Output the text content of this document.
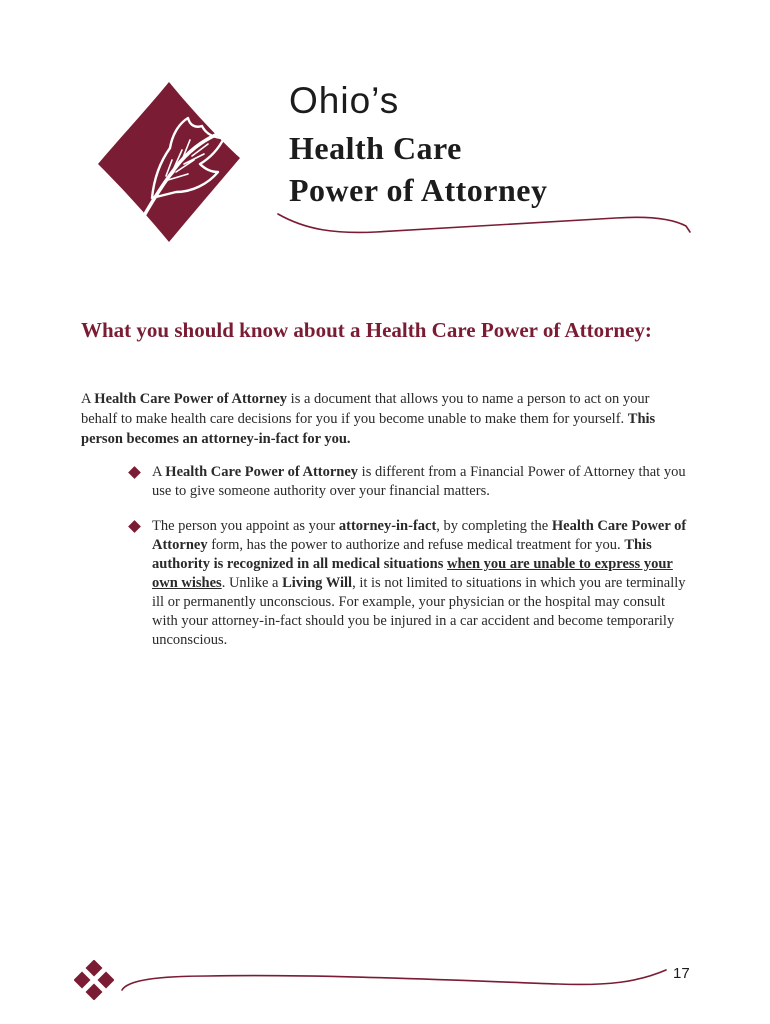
Ohio’s

Health Care

Power of Attorney

What you should know about a Health Care Power of Attorney:

A Health Care Power of Attorney is a document that allows you to name a person to act on your behalf to make health care decisions for you if you become unable to make them for yourself. This person becomes an attorney-in-fact for you.

A Health Care Power of Attorney is different from a Financial Power of Attorney that you use to give someone authority over your financial matters.
The person you appoint as your attorney-in-fact, by completing the Health Care Power of Attorney form, has the power to authorize and refuse medical treatment for you. This authority is recognized in all medical situations when you are unable to express your own wishes. Unlike a Living Will, it is not limited to situations in which you are terminally ill or permanently unconscious. For example, your physician or the hospital may consult with your attorney-in-fact should you be injured in a car accident and become temporarily unconscious.
17
